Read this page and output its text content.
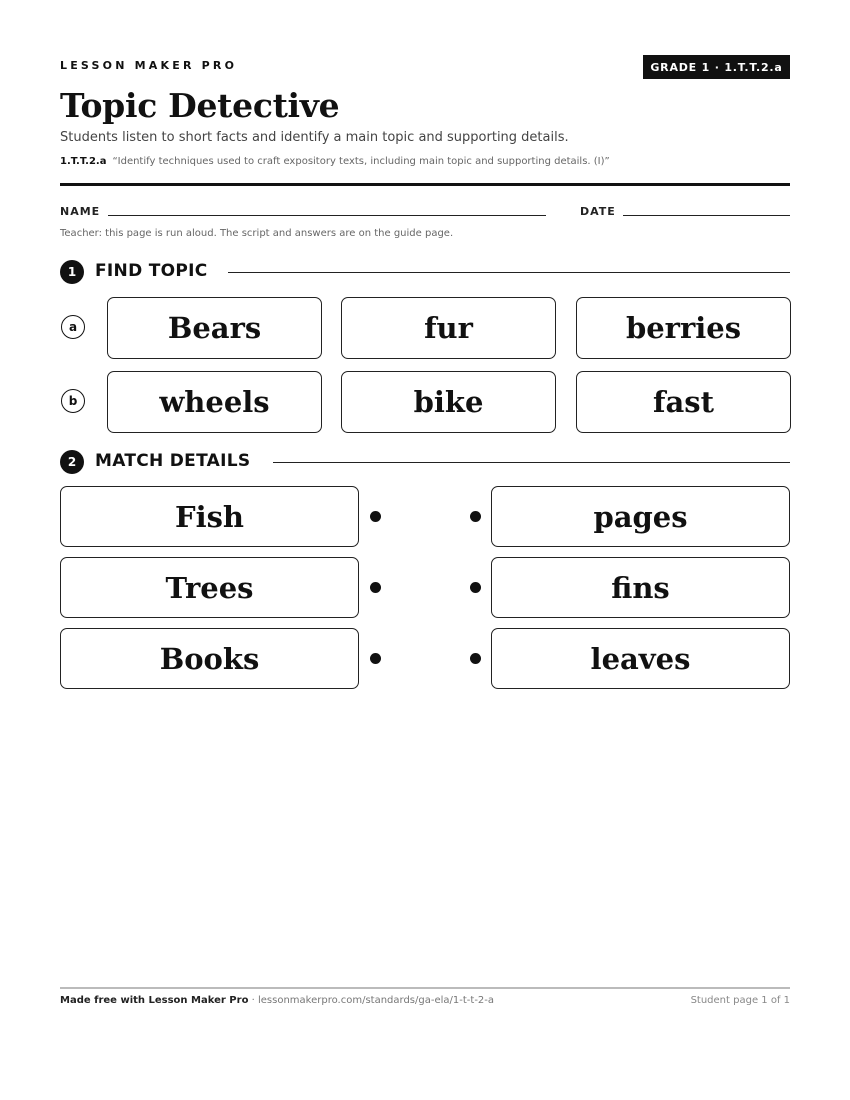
LESSON MAKER PRO	GRADE 1 · 1.T.T.2.a
Topic Detective
Students listen to short facts and identify a main topic and supporting details.
1.T.T.2.a “Identify techniques used to craft expository texts, including main topic and supporting details. (I)”
NAME	DATE
Teacher: this page is run aloud. The script and answers are on the guide page.
1	FIND TOPIC
a	Bears	fur	berries
b	wheels	bike	fast
2	MATCH DETAILS
Fish	pages
Trees	fins
Books	leaves
Made free with Lesson Maker Pro · lessonmakerpro.com/standards/ga-ela/1-t-t-2-a	Student page 1 of 1
